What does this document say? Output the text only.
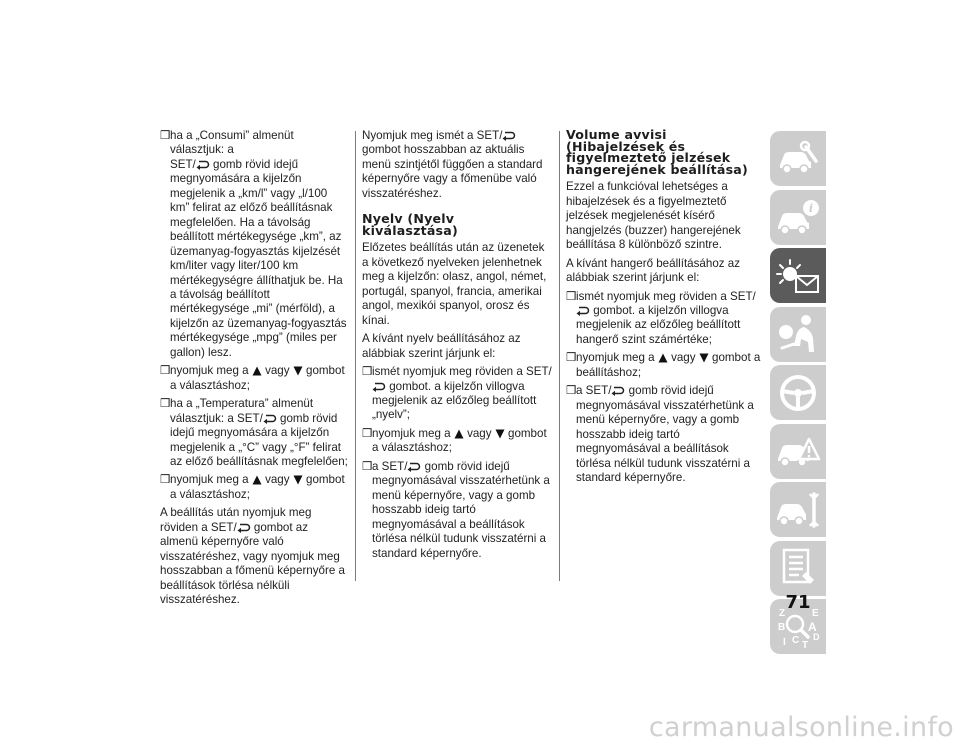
❒ ha a „Consumi” almenüt választjuk: a
SET/
gomb rövid idejű megnyomására a kijelzőn megjelenik a „km/l” vagy „l/100 km” felirat az előző beállításnak megfelelően. Ha a távolság beállított mértékegysége „km”, az üzemanyag-fogyasztás kijelzését km/liter vagy liter/100 km mértékegységre állíthatjuk be. Ha a távolság beállított mértékegysége „mi” (mérföld), a kijelzőn az üzemanyag-fogyasztás mértékegysége „mpg” (miles per gallon) lesz.
❒ nyomjuk meg a
vagy
gombot a választáshoz;
❒ ha a „Temperatura” almenüt választjuk: a SET/
gomb rövid idejű megnyomására a kijelzőn megjelenik a „°C” vagy „°F” felirat az előző beállításnak megfelelően;
❒ nyomjuk meg a
vagy
gombot a választáshoz;

A beállítás után nyomjuk meg röviden a SET/
gombot az almenü képernyőre való visszatéréshez, vagy nyomjuk meg hosszabban a főmenü képernyőre a beállítások törlésa nélküli visszatéréshez.

Nyomjuk meg ismét a SET/
gombot hosszabban az aktuális menü szintjétől függően a standard képernyőre vagy a főmenübe való visszatéréshez.

Nyelv (Nyelv kiválasztása)

Előzetes beállítás után az üzenetek a következő nyelveken jelenhetnek meg a kijelzőn: olasz, angol, német, portugál, spanyol, francia, amerikai angol, mexikói spanyol, orosz és kínai.

A kívánt nyelv beállításához az alábbiak szerint járjunk el:

❒ ismét nyomjuk meg röviden a SET/
gombot. a kijelzőn villogva megjelenik az előzőleg beállított „nyelv”;
❒ nyomjuk meg a
vagy
gombot a választáshoz;
❒ a SET/
gomb rövid idejű megnyomásával visszatérhetünk a menü képernyőre, vagy a gomb hosszabb ideig tartó megnyomásával a beállítások törlésa nélkül tudunk visszatérni a standard képernyőre.
Volume avvisi (Hibajelzések és figyelmeztető jelzések hangerejének beállítása)

Ezzel a funkcióval lehetséges a hibajelzések és a figyelmeztető jelzések megjelenését kísérő hangjelzés (buzzer) hangerejének beállítása 8 különböző szintre.

A kívánt hangerő beállításához az alábbiak szerint járjunk el:

❒ ismét nyomjuk meg röviden a SET/
gombot. a kijelzőn villogva megjelenik az előzőleg beállított hangerő szint számértéke;
❒ nyomjuk meg a
vagy
gombot a beállításhoz;
❒ a SET/
gomb rövid idejű megnyomásával visszatérhetünk a menü képernyőre, vagy a gomb hosszabb ideig tartó megnyomásával a beállítások törlésa nélkül tudunk visszatérni a standard képernyőre.
i
Z	E
B A
D
I C T
71
carmanualsonline.info
